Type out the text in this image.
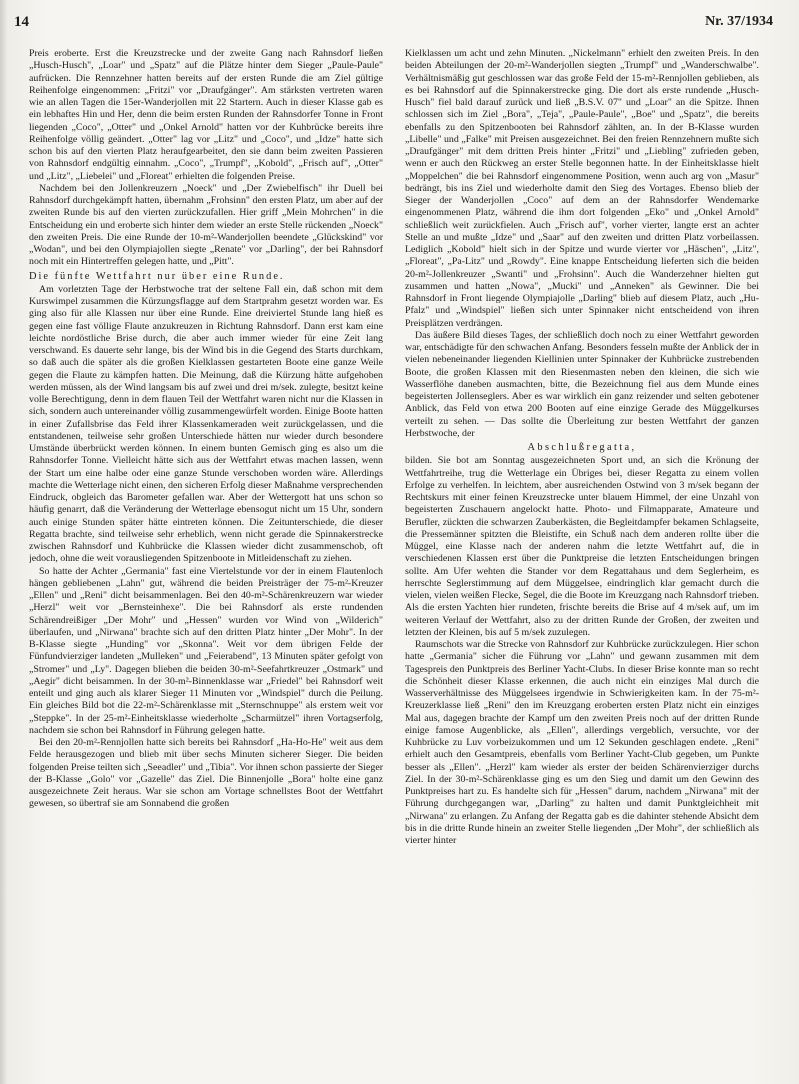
14	Nr. 37/1934

Preis eroberte. Erst die Kreuzstrecke und der zweite Gang nach Rahnsdorf ließen „Husch-Husch", „Loar" und „Spatz" auf die Plätze hinter dem Sieger „Paule-Paule" aufrücken. Die Rennzehner hatten bereits auf der ersten Runde die am Ziel gültige Reihenfolge eingenommen: „Fritzi" vor „Draufgänger". Am stärksten vertreten waren wie an allen Tagen die 15er-Wanderjollen mit 22 Startern. Auch in dieser Klasse gab es ein lebhaftes Hin und Her, denn die beim ersten Runden der Rahnsdorfer Tonne in Front liegenden „Coco", „Otter" und „Onkel Arnold" hatten vor der Kuhbrücke bereits ihre Reihenfolge völlig geändert. „Otter" lag vor „Litz" und „Coco", und „Idze" hatte sich schon bis auf den vierten Platz heraufgearbeitet, den sie dann beim zweiten Passieren von Rahnsdorf endgültig einnahm. „Coco", „Trumpf", „Kobold", „Frisch auf", „Otter" und „Litz", „Liebelei" und „Floreat" erhielten die folgenden Preise.

Nachdem bei den Jollenkreuzern „Noeck" und „Der Zwiebelfisch" ihr Duell bei Rahnsdorf durchgekämpft hatten, übernahm „Frohsinn" den ersten Platz, um aber auf der zweiten Runde bis auf den vierten zurückzufallen. Hier griff „Mein Mohrchen" in die Entscheidung ein und eroberte sich hinter dem wieder an erste Stelle rückenden „Noeck" den zweiten Preis. Die eine Runde der 10-m²-Wanderjollen beendete „Glückskind" vor „Wodan", und bei den Olympiajollen siegte „Renate" vor „Darling", der bei Rahnsdorf noch mit ein Hintertreffen gelegen hatte, und „Pitt".

Die fünfte Wettfahrt nur über eine Runde.

Am vorletzten Tage der Herbstwoche trat der seltene Fall ein, daß schon mit dem Kurswimpel zusammen die Kürzungsflagge auf dem Startprahm gesetzt worden war. Es ging also für alle Klassen nur über eine Runde. Eine dreiviertel Stunde lang hieß es gegen eine fast völlige Flaute anzukreuzen in Richtung Rahnsdorf. Dann erst kam eine leichte nordöstliche Brise durch, die aber auch immer wieder für eine Zeit lang verschwand. Es dauerte sehr lange, bis der Wind bis in die Gegend des Starts durchkam, so daß auch die später als die großen Kielklassen gestarteten Boote eine ganze Weile gegen die Flaute zu kämpfen hatten. Die Meinung, daß die Kürzung hätte aufgehoben werden müssen, als der Wind langsam bis auf zwei und drei m/sek. zulegte, besitzt keine volle Berechtigung, denn in dem flauen Teil der Wettfahrt waren nicht nur die Klassen in sich, sondern auch untereinander völlig zusammengewürfelt worden. Einige Boote hatten in einer Zufallsbrise das Feld ihrer Klassenkameraden weit zurückgelassen, und die entstandenen, teilweise sehr großen Unterschiede hätten nur wieder durch besondere Umstände überbrückt werden können. In einem bunten Gemisch ging es also um die Rahnsdorfer Tonne. Vielleicht hätte sich aus der Wettfahrt etwas machen lassen, wenn der Start um eine halbe oder eine ganze Stunde verschoben worden wäre. Allerdings machte die Wetterlage nicht einen, den sicheren Erfolg dieser Maßnahme versprechenden Eindruck, obgleich das Barometer gefallen war. Aber der Wettergott hat uns schon so häufig genarrt, daß die Veränderung der Wetterlage ebensogut nicht um 15 Uhr, sondern auch einige Stunden später hätte eintreten können. Die Zeitunterschiede, die dieser Regatta brachte, sind teilweise sehr erheblich, wenn nicht gerade die Spinnakerstrecke zwischen Rahnsdorf und Kuhbrücke die Klassen wieder dicht zusammenschob, oft jedoch, ohne die weit vorausliegenden Spitzenboote in Mitleidenschaft zu ziehen.

So hatte der Achter „Germania" fast eine Viertelstunde vor der in einem Flautenloch hängen gebliebenen „Lahn" gut, während die beiden Preisträger der 75-m²-Kreuzer „Ellen" und „Reni" dicht beisammenlagen. Bei den 40-m²-Schärenkreuzern war wieder „Herzl" weit vor „Bernsteinhexe". Die bei Rahnsdorf als erste rundenden Schärendreißiger „Der Mohr" und „Hessen" wurden vor Wind von „Wilderich" überlaufen, und „Nirwana" brachte sich auf den dritten Platz hinter „Der Mohr". In der B-Klasse siegte „Hunding" vor „Skonna". Weit vor dem übrigen Felde der Fünfundvierziger landeten „Mulleken" und „Feierabend", 13 Minuten später gefolgt von „Stromer" und „Ly". Dagegen blieben die beiden 30-m²-Seefahrtkreuzer „Ostmark" und „Aegir" dicht beisammen. In der 30-m²-Binnenklasse war „Friedel" bei Rahnsdorf weit enteilt und ging auch als klarer Sieger 11 Minuten vor „Windspiel" durch die Peilung. Ein gleiches Bild bot die 22-m²-Schärenklasse mit „Sternschnuppe" als erstem weit vor „Steppke". In der 25-m²-Einheitsklasse wiederholte „Scharmützel" ihren Vortagserfolg, nachdem sie schon bei Rahnsdorf in Führung gelegen hatte.

Bei den 20-m²-Rennjollen hatte sich bereits bei Rahnsdorf „Ha-Ho-He" weit aus dem Felde herausgezogen und blieb mit über sechs Minuten sicherer Sieger. Die beiden folgenden Preise teilten sich „Seeadler" und „Tibia". Vor ihnen schon passierte der Sieger der B-Klasse „Golo" vor „Gazelle" das Ziel. Die Binnenjolle „Bora" holte eine ganz ausgezeichnete Zeit heraus. War sie schon am Vortage schnellstes Boot der Wettfahrt gewesen, so übertraf sie am Sonnabend die großen

Kielklassen um acht und zehn Minuten. „Nickelmann" erhielt den zweiten Preis. In den beiden Abteilungen der 20-m²-Wanderjollen siegten „Trumpf" und „Wanderschwalbe". Verhältnismäßig gut geschlossen war das große Feld der 15-m²-Rennjollen geblieben, als es bei Rahnsdorf auf die Spinnakerstrecke ging. Die dort als erste rundende „Husch-Husch" fiel bald darauf zurück und ließ „B.S.V. 07" und „Loar" an die Spitze. Ihnen schlossen sich im Ziel „Bora", „Teja", „Paule-Paule", „Boe" und „Spatz", die bereits ebenfalls zu den Spitzenbooten bei Rahnsdorf zählten, an. In der B-Klasse wurden „Libelle" und „Falke" mit Preisen ausgezeichnet. Bei den freien Rennzehnern mußte sich „Draufgänger" mit dem dritten Preis hinter „Fritzi" und „Liebling" zufrieden geben, wenn er auch den Rückweg an erster Stelle begonnen hatte. In der Einheitsklasse hielt „Moppelchen" die bei Rahnsdorf eingenommene Position, wenn auch arg von „Masur" bedrängt, bis ins Ziel und wiederholte damit den Sieg des Vortages. Ebenso blieb der Sieger der Wanderjollen „Coco" auf dem an der Rahnsdorfer Wendemarke eingenommenen Platz, während die ihm dort folgenden „Eko" und „Onkel Arnold" schließlich weit zurückfielen. Auch „Frisch auf", vorher vierter, langte erst an achter Stelle an und mußte „Idze" und „Saar" auf den zweiten und dritten Platz vorbeilassen. Lediglich „Kobold" hielt sich in der Spitze und wurde vierter vor „Häschen", „Litz", „Floreat", „Pa-Litz" und „Rowdy". Eine knappe Entscheidung lieferten sich die beiden 20-m²-Jollenkreuzer „Swanti" und „Frohsinn". Auch die Wanderzehner hielten gut zusammen und hatten „Nowa", „Mucki" und „Anneken" als Gewinner. Die bei Rahnsdorf in Front liegende Olympiajolle „Darling" blieb auf diesem Platz, auch „Hu-Pfalz" und „Windspiel" ließen sich unter Spinnaker nicht entscheidend von ihren Preisplätzen verdrängen.

Das äußere Bild dieses Tages, der schließlich doch noch zu einer Wettfahrt geworden war, entschädigte für den schwachen Anfang. Besonders fesseln mußte der Anblick der in vielen nebeneinander liegenden Kiellinien unter Spinnaker der Kuhbrücke zustrebenden Boote, die großen Klassen mit den Riesenmasten neben den kleinen, die sich wie Wasserflöhe daneben ausmachten, bitte, die Bezeichnung fiel aus dem Munde eines begeisterten Jollenseglers. Aber es war wirklich ein ganz reizender und selten gebotener Anblick, das Feld von etwa 200 Booten auf eine einzige Gerade des Müggelkurses verteilt zu sehen. — Das sollte die Überleitung zur besten Wettfahrt der ganzen Herbstwoche, der

Abschlußregatta,

bilden. Sie bot am Sonntag ausgezeichneten Sport und, an sich die Krönung der Wettfahrtreihe, trug die Wetterlage ein Übriges bei, dieser Regatta zu einem vollen Erfolge zu verhelfen. In leichtem, aber ausreichenden Ostwind von 3 m/sek begann der Rechtskurs mit einer feinen Kreuzstrecke unter blauem Himmel, der eine Unzahl von begeisterten Zuschauern angelockt hatte. Photo- und Filmapparate, Amateure und Berufler, zückten die schwarzen Zauberkästen, die Begleitdampfer bekamen Schlagseite, die Pressemänner spitzten die Bleistifte, ein Schuß nach dem anderen rollte über die Müggel, eine Klasse nach der anderen nahm die letzte Wettfahrt auf, die in verschiedenen Klassen erst über die Punktpreise die letzten Entscheidungen bringen sollte. Am Ufer wehten die Stander vor dem Regattahaus und dem Seglerheim, es herrschte Seglerstimmung auf dem Müggelsee, eindringlich klar gemacht durch die vielen, vielen weißen Flecke, Segel, die die Boote im Kreuzgang nach Rahnsdorf trieben. Als die ersten Yachten hier rundeten, frischte bereits die Brise auf 4 m/sek auf, um im weiteren Verlauf der Wettfahrt, also zu der dritten Runde der Großen, der zweiten und letzten der Kleinen, bis auf 5 m/sek zuzulegen.

Raumschots war die Strecke von Rahnsdorf zur Kuhbrücke zurückzulegen. Hier schon hatte „Germania" sicher die Führung vor „Lahn" und gewann zusammen mit dem Tagespreis den Punktpreis des Berliner Yacht-Clubs. In dieser Brise konnte man so recht die Schönheit dieser Klasse erkennen, die auch nicht ein einziges Mal durch die Wasserverhältnisse des Müggelsees irgendwie in Schwierigkeiten kam. In der 75-m²-Kreuzerklasse ließ „Reni" den im Kreuzgang eroberten ersten Platz nicht ein einziges Mal aus, dagegen brachte der Kampf um den zweiten Preis noch auf der dritten Runde einige famose Augenblicke, als „Ellen", allerdings vergeblich, versuchte, vor der Kuhbrücke zu Luv vorbeizukommen und um 12 Sekunden geschlagen endete. „Reni" erhielt auch den Gesamtpreis, ebenfalls vom Berliner Yacht-Club gegeben, um Punkte besser als „Ellen". „Herzl" kam wieder als erster der beiden Schärenvierziger durchs Ziel. In der 30-m²-Schärenklasse ging es um den Sieg und damit um den Gewinn des Punktpreises hart zu. Es handelte sich für „Hessen" darum, nachdem „Nirwana" mit der Führung durchgegangen war, „Darling" zu halten und damit Punktgleichheit mit „Nirwana" zu erlangen. Zu Anfang der Regatta gab es die dahinter stehende Absicht dem bis in die dritte Runde hinein an zweiter Stelle liegenden „Der Mohr", der schließlich als vierter hinter
